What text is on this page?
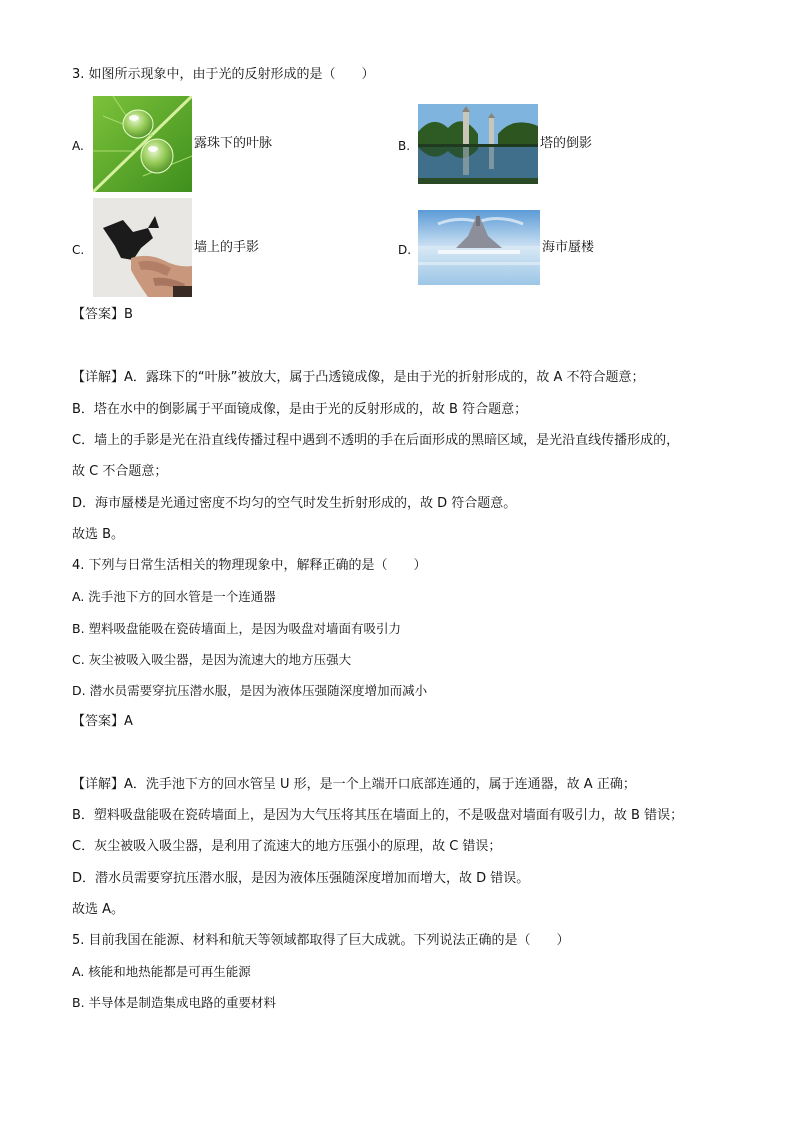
3. 如图所示现象中，由于光的反射形成的是（　　）
A.	露珠下的叶脉	B.	塔的倒影
C.	墙上的手影	D.	海市蜃楼
【答案】B
【详解】A．露珠下的“叶脉”被放大，属于凸透镜成像，是由于光的折射形成的，故 A 不符合题意；
B．塔在水中的倒影属于平面镜成像，是由于光的反射形成的，故 B 符合题意；
C．墙上的手影是光在沿直线传播过程中遇到不透明的手在后面形成的黑暗区域，是光沿直线传播形成的，
故 C 不合题意；
D．海市蜃楼是光通过密度不均匀的空气时发生折射形成的，故 D 符合题意。
故选 B。
4. 下列与日常生活相关的物理现象中，解释正确的是（　　）
A. 洗手池下方的回水管是一个连通器
B. 塑料吸盘能吸在瓷砖墙面上，是因为吸盘对墙面有吸引力
C. 灰尘被吸入吸尘器，是因为流速大的地方压强大
D. 潜水员需要穿抗压潜水服，是因为液体压强随深度增加而减小
【答案】A
【详解】A．洗手池下方的回水管呈 U 形，是一个上端开口底部连通的，属于连通器，故 A 正确；
B．塑料吸盘能吸在瓷砖墙面上，是因为大气压将其压在墙面上的，不是吸盘对墙面有吸引力，故 B 错误；
C．灰尘被吸入吸尘器，是利用了流速大的地方压强小的原理，故 C 错误；
D．潜水员需要穿抗压潜水服，是因为液体压强随深度增加而增大，故 D 错误。
故选 A。
5. 目前我国在能源、材料和航天等领域都取得了巨大成就。下列说法正确的是（　　）
A. 核能和地热能都是可再生能源
B. 半导体是制造集成电路的重要材料
